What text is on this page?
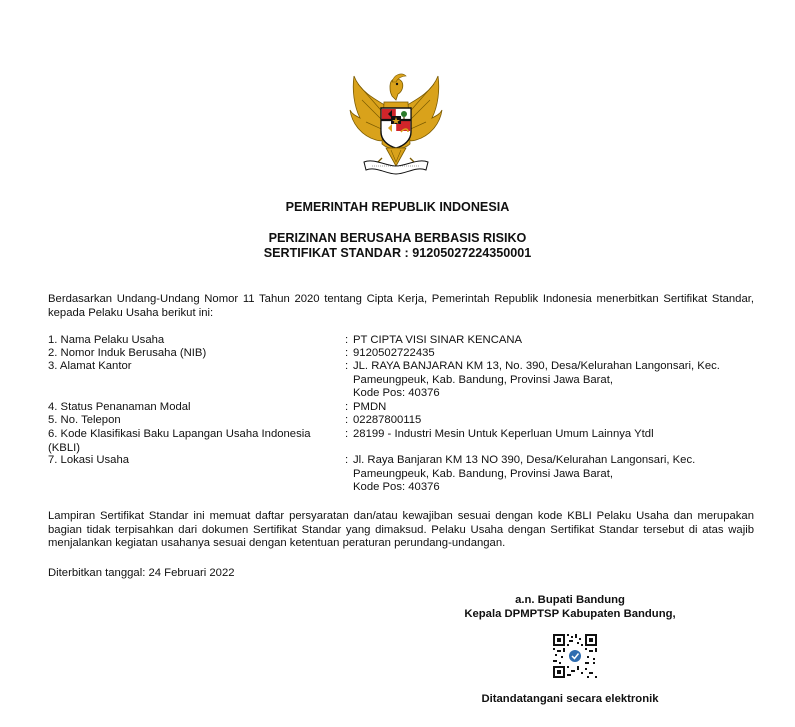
PEMERINTAH REPUBLIK INDONESIA

PERIZINAN BERUSAHA BERBASIS RISIKO

SERTIFIKAT STANDAR : 91205027224350001

Berdasarkan Undang-Undang Nomor 11 Tahun 2020 tentang Cipta Kerja, Pemerintah Republik Indonesia menerbitkan Sertifikat Standar, kepada Pelaku Usaha berikut ini:

1. Nama Pelaku Usaha	: PT CIPTA VISI SINAR KENCANA
2. Nomor Induk Berusaha (NIB)	: 9120502722435
3. Alamat Kantor	: JL. RAYA BANJARAN KM 13, No. 390, Desa/Kelurahan Langonsari, Kec.
Pameungpeuk, Kab. Bandung, Provinsi Jawa Barat,
Kode Pos: 40376
4. Status Penanaman Modal	: PMDN
5. No. Telepon	: 02287800115
6. Kode Klasifikasi Baku Lapangan Usaha Indonesia
(KBLI)
: 28199 - Industri Mesin Untuk Keperluan Umum Lainnya Ytdl
7. Lokasi Usaha	: Jl. Raya Banjaran KM 13 NO 390, Desa/Kelurahan Langonsari, Kec.
Pameungpeuk, Kab. Bandung, Provinsi Jawa Barat,
Kode Pos: 40376

Lampiran Sertifikat Standar ini memuat daftar persyaratan dan/atau kewajiban sesuai dengan kode KBLI Pelaku Usaha dan merupakan bagian tidak terpisahkan dari dokumen Sertifikat Standar yang dimaksud. Pelaku Usaha dengan Sertifikat Standar tersebut di atas wajib menjalankan kegiatan usahanya sesuai dengan ketentuan peraturan perundang-undangan.

Diterbitkan tanggal: 24 Februari 2022

a.n. Bupati Bandung

Kepala DPMPTSP Kabupaten Bandung,

Ditandatangani secara elektronik
